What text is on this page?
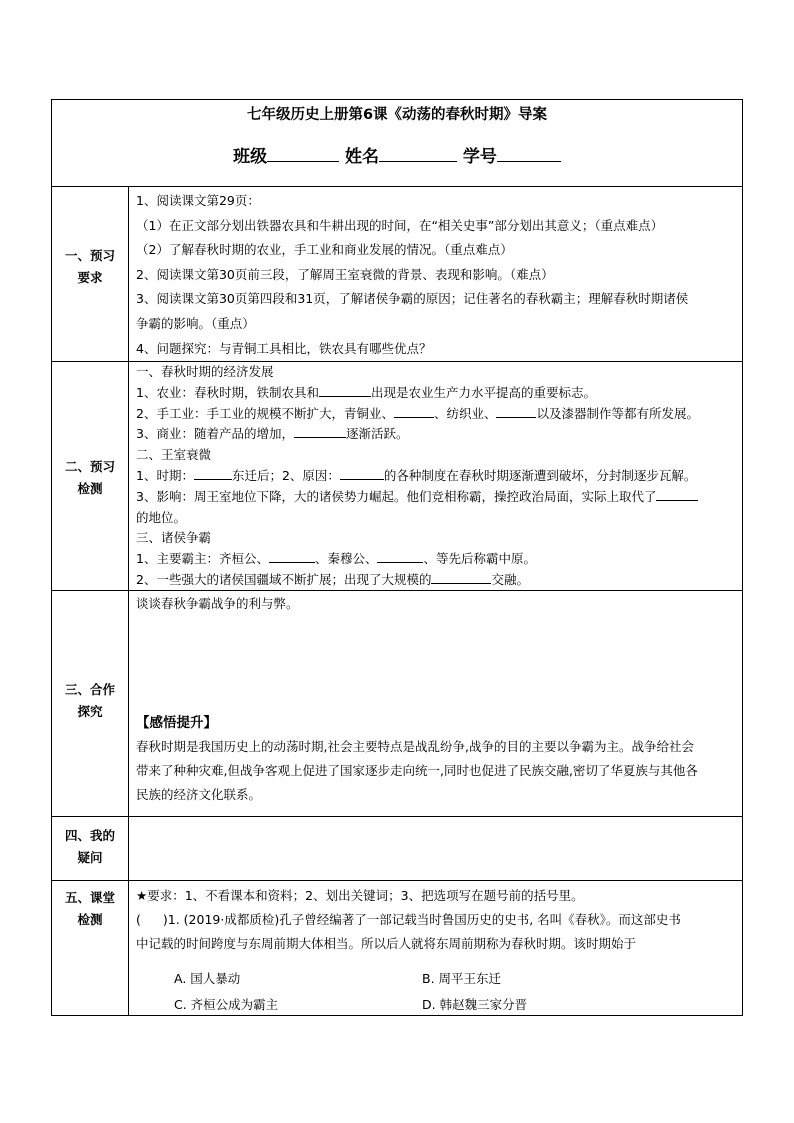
七年级历史上册第6课《动荡的春秋时期》导案
班级	姓名	学号
一、预习
要求
1、阅读课文第29页：
（1）在正文部分划出铁器农具和牛耕出现的时间，在“相关史事”部分划出其意义；（重点难点）
（2）了解春秋时期的农业，手工业和商业发展的情况。（重点难点）
2、阅读课文第30页前三段，了解周王室衰微的背景、表现和影响。（难点）
3、阅读课文第30页第四段和31页，了解诸侯争霸的原因；记住著名的春秋霸主；理解春秋时期诸侯
争霸的影响。（重点）
4、问题探究：与青铜工具相比，铁农具有哪些优点？
二、预习
检测
一、春秋时期的经济发展
1、农业：春秋时期，铁制农具和	出现是农业生产力水平提高的重要标志。
2、手工业：手工业的规模不断扩大，青铜业、	、纺织业、	以及漆器制作等都有所发展。
3、商业：随着产品的增加，	逐渐活跃。
二、王室衰微
1、时期：	东迁后；2、原因：	的各种制度在春秋时期逐渐遭到破坏，分封制逐步瓦解。
3、影响：周王室地位下降，大的诸侯势力崛起。他们竞相称霸，操控政治局面，实际上取代了
的地位。
三、诸侯争霸
1、主要霸主：齐桓公、	、秦穆公、	、等先后称霸中原。
2、一些强大的诸侯国疆域不断扩展；出现了大规模的	交融。
三、合作
探究
谈谈春秋争霸战争的利与弊。
【感悟提升】
春秋时期是我国历史上的动荡时期,社会主要特点是战乱纷争,战争的目的主要以争霸为主。战争给社会
带来了种种灾难,但战争客观上促进了国家逐步走向统一,同时也促进了民族交融,密切了华夏族与其他各
民族的经济文化联系。
四、我的
疑问
五、课堂
检测
★要求：1、不看课本和资料；2、划出关键词；3、把选项写在题号前的括号里。
( )1. (2019·成都质检)孔子曾经编著了一部记载当时鲁国历史的史书, 名叫《春秋》。而这部史书
中记载的时间跨度与东周前期大体相当。所以后人就将东周前期称为春秋时期。该时期始于
A. 国人暴动	B. 周平王东迁
C. 齐桓公成为霸主	D. 韩赵魏三家分晋
